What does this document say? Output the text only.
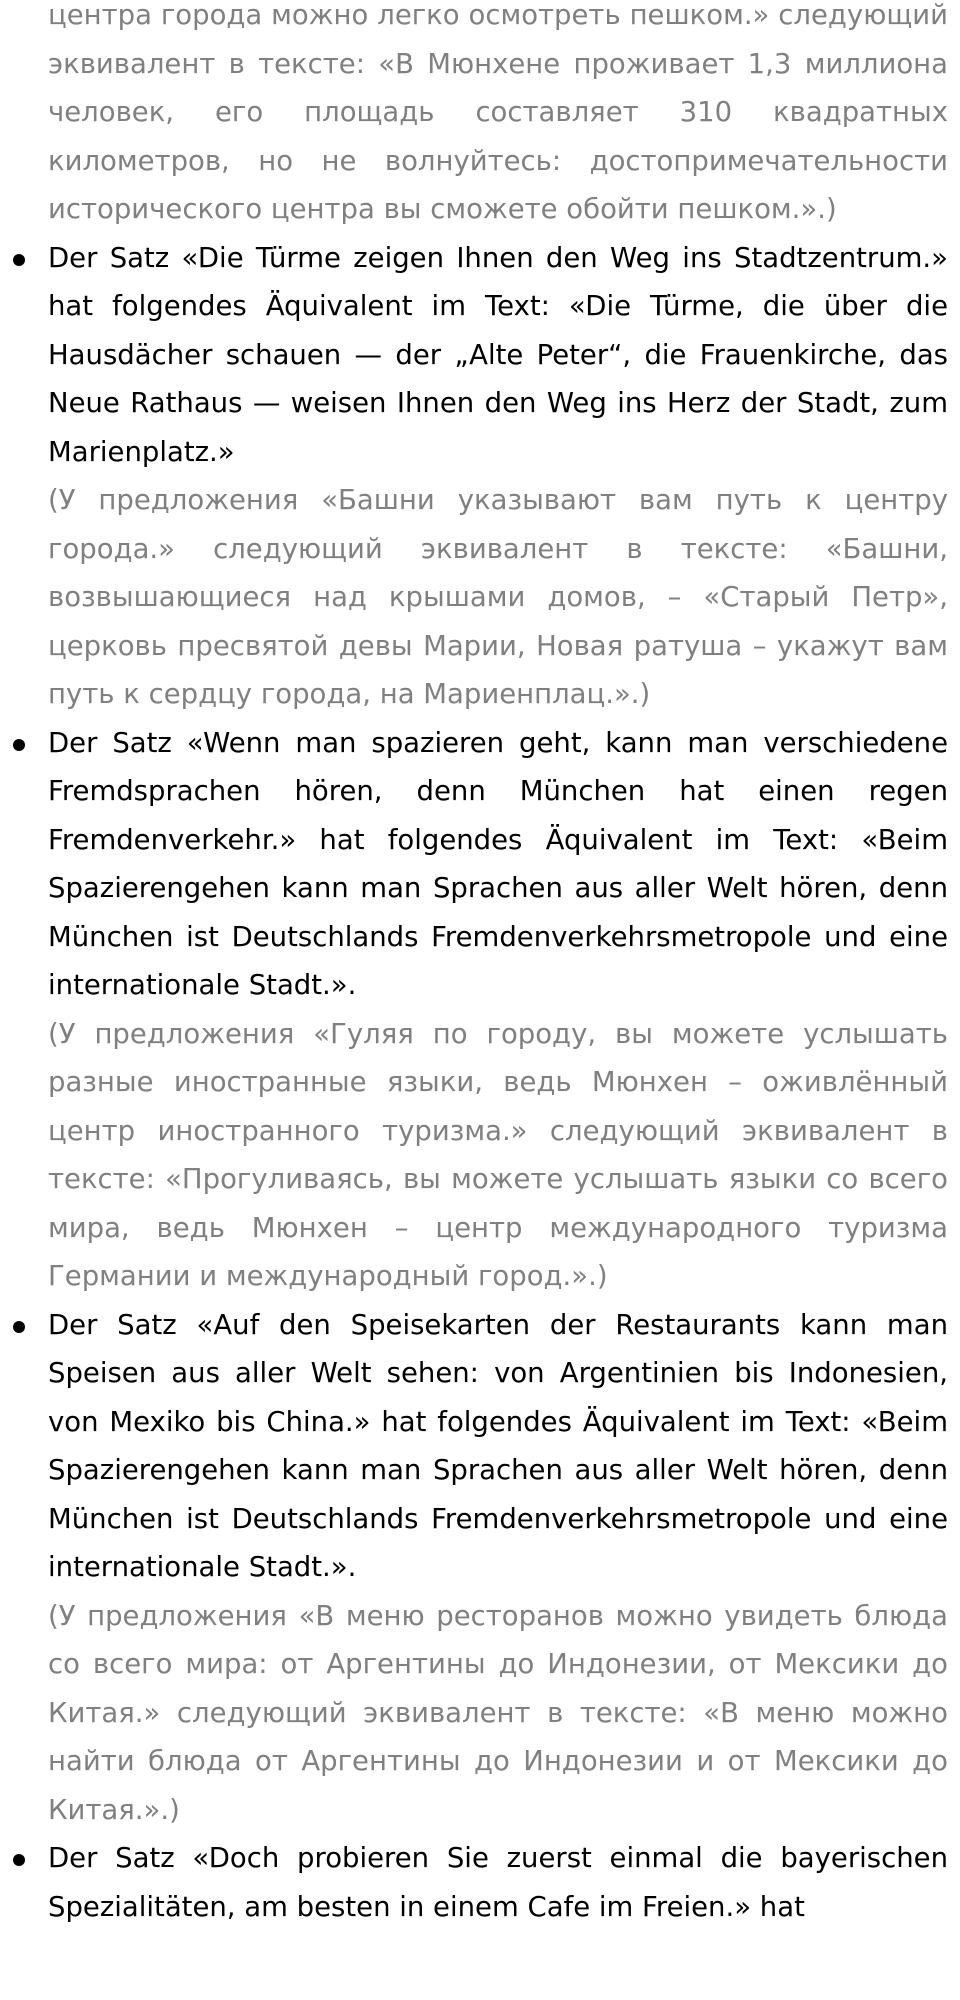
центра города можно легко осмотреть пешком.» следующий эквивалент в тексте: «В Мюнхене проживает 1,3 миллиона человек, его площадь составляет 310 квадратных километров, но не волнуйтесь: достопримечательности исторического центра вы сможете обойти пешком.».)

Der Satz «Die Türme zeigen Ihnen den Weg ins Stadtzentrum.» hat folgendes Äquivalent im Text: «Die Türme, die über die Hausdächer schauen — der „Alte Peter“, die Frauenkirche, das Neue Rathaus — weisen Ihnen den Weg ins Herz der Stadt, zum Marienplatz.»

(У предложения «Башни указывают вам путь к центру города.» следующий эквивалент в тексте: «Башни, возвышающиеся над крышами домов, – «Старый Петр», церковь пресвятой девы Марии, Новая ратуша – укажут вам путь к сердцу города, на Мариенплац.».)

Der Satz «Wenn man spazieren geht, kann man verschiedene Fremdsprachen hören, denn München hat einen regen Fremdenverkehr.» hat folgendes Äquivalent im Text: «Beim Spazierengehen kann man Sprachen aus aller Welt hören, denn München ist Deutschlands Fremdenverkehrsmetropole und eine internationale Stadt.».

(У предложения «Гуляя по городу, вы можете услышать разные иностранные языки, ведь Мюнхен – оживлённый центр иностранного туризма.» следующий эквивалент в тексте: «Прогуливаясь, вы можете услышать языки со всего мира, ведь Мюнхен – центр международного туризма Германии и международный город.».)

Der Satz «Auf den Speisekarten der Restaurants kann man Speisen aus aller Welt sehen: von Argentinien bis Indonesien, von Mexiko bis China.» hat folgendes Äquivalent im Text: «Beim Spazierengehen kann man Sprachen aus aller Welt hören, denn München ist Deutschlands Fremdenverkehrsmetropole und eine internationale Stadt.».

(У предложения «В меню ресторанов можно увидеть блюда со всего мира: от Аргентины до Индонезии, от Мексики до Китая.» следующий эквивалент в тексте: «В меню можно найти блюда от Аргентины до Индонезии и от Мексики до Китая.».)

Der Satz «Doch probieren Sie zuerst einmal die bayerischen Spezialitäten, am besten in einem Cafe im Freien.» hat
